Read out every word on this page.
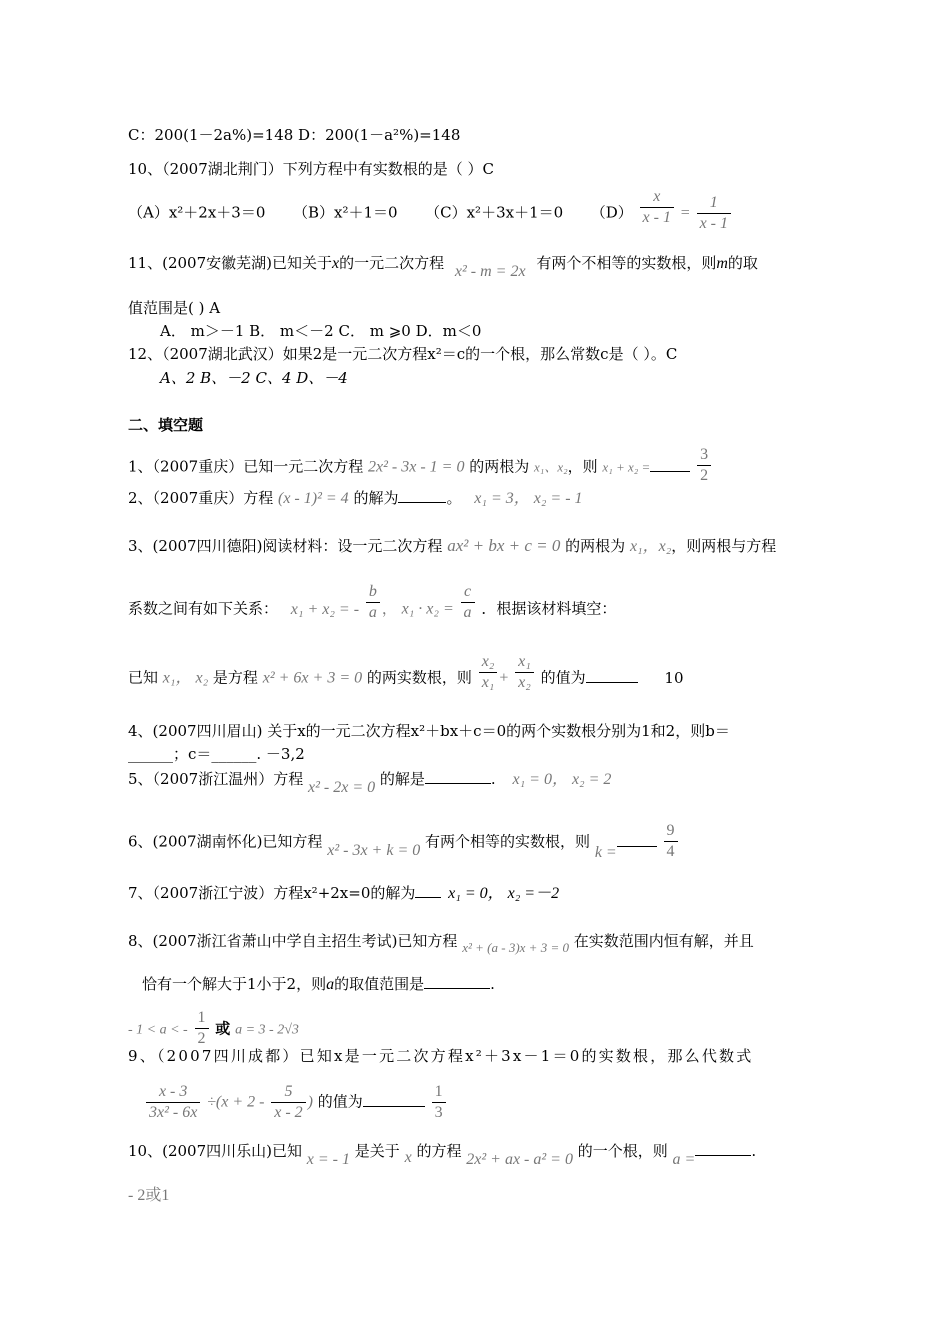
C：200(1－2a%)=148 D：200(1－a²%)=148
10、（2007湖北荆门）下列方程中有实数根的是（ ）C
（A）x²＋2x＋3＝0 （B）x²＋1＝0 （C）x²＋3x＋1＝0 $(D) \frac{x}{x - 1} = \frac{1}{x - 1}$
11、(2007安徽芜湖)已知关于x的一元二次方程 x² - m = 2x 有两个不相等的实数根，则m的取
值范围是( ) A
A． m＞－1 B． m＜－2 C． m ⩾0 D．m＜0
12、（2007湖北武汉）如果2是一元二次方程x²＝c的一个根，那么常数c是（ ）。C
A、2 B、－2 C、4 D、－4
二、填空题
1、（2007重庆）已知一元二次方程 2x² - 3x - 1 = 0 的两根为 x₁、x₂，则 x₁ + x₂ =	$\frac{3}{2}$
2、（2007重庆）方程 (x - 1)² = 4 的解为	。 x₁ = 3， x₂ = - 1
3、(2007四川德阳)阅读材料：设一元二次方程 ax² + bx + c = 0 的两根为 x₁，x₂，则两根与方程
系数之间有如下关系： x₁ + x₂ = - $\frac{b}{a}$ ， $x_1 \cdot x_2 = \frac{c}{a}$ ．根据该材料填空：
已知 x₁， x₂ 是方程 x² + 6x + 3 = 0 的两实数根，则 $\frac{\text{x₂}}{\text{x₁}} + \frac{\text{x₁}}{\text{x₂}}$ 的值为	10
4、(2007四川眉山) 关于x的一元二次方程x²＋bx＋c＝0的两个实数根分别为1和2，则b＝
______；c＝______. －3,2
5、（2007浙江温州）方程 x² - 2x = 0 的解是	. x₁ = 0， x₂ = 2
6、(2007湖南怀化)已知方程 x² - 3x + k = 0 有两个相等的实数根，则 k =	$\frac{9}{4}$
7、（2007浙江宁波）方程x²+2x=0的解为 x₁ = 0， x₂ =－2
8、(2007浙江省萧山中学自主招生考试)已知方程 x² + (a - 3)x + 3 = 0 在实数范围内恒有解，并且
恰有一个解大于1小于2，则a的取值范围是	.
- 1 < a < - $\frac{1}{2}$ 或 a = 3 - 2√3
9、（2007四川成都）已知x是一元二次方程x²＋3x－1＝0的实数根，那么代数式
$\frac{x - 3}{\text{3x² - 6x}} \div(x + 2 - \frac{5}{x - 2}$ ) 的值为	$\frac{1}{3}$
10、(2007四川乐山)已知 x = - 1 是关于 x 的方程 2x² + ax - a² = 0 的一个根，则 a =	.
- 2或1
